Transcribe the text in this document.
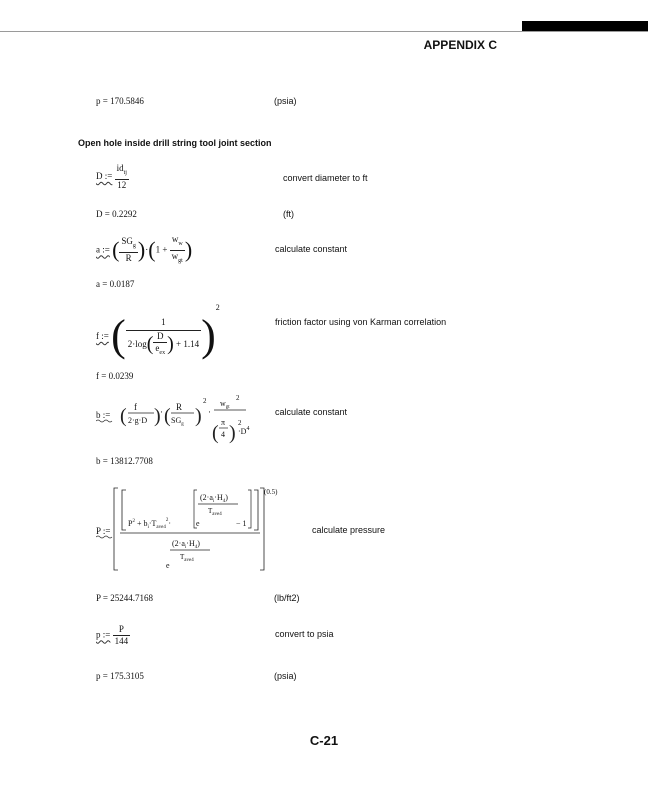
APPENDIX C
p = 170.5846	(psia)
Open hole inside drill string tool joint section
D := $\frac{id_{tj}}{12}$	convert diameter to ft
D = 0.2292	(ft)
a := ( $\frac{SG_g}{R} )\cdot(1 + \frac{w_w}{w_{gt}}$ )	calculate constant
a = 0.0187
f := ( $\frac{1}{2\cdot\log( \frac{D}{e_{ex}} ) + 1.14} )^2$
friction factor using von Karman correlation
f = 0.0239
b := ( f
2·g·D ) · ( R
$SG_g$ )
2
·
$w_{gt}$
2
( π
4 ) 2
$\cdot D^4$
calculate constant
b = 13812.7708
P :=
(0.5)
$(2\cdot a_i\cdot H_4)$
$T_{ave4}$
$P^2 + b_i\cdot T_{ave4}^2\cdot$	e	− 1
$(2\cdot a_i\cdot H_4)$
$T_{ave4}$
e
calculate pressure
P = 25244.7168	(lb/ft2)
p := $\frac{P}{144}$	convert to psia
p = 175.3105	(psia)
C-21
